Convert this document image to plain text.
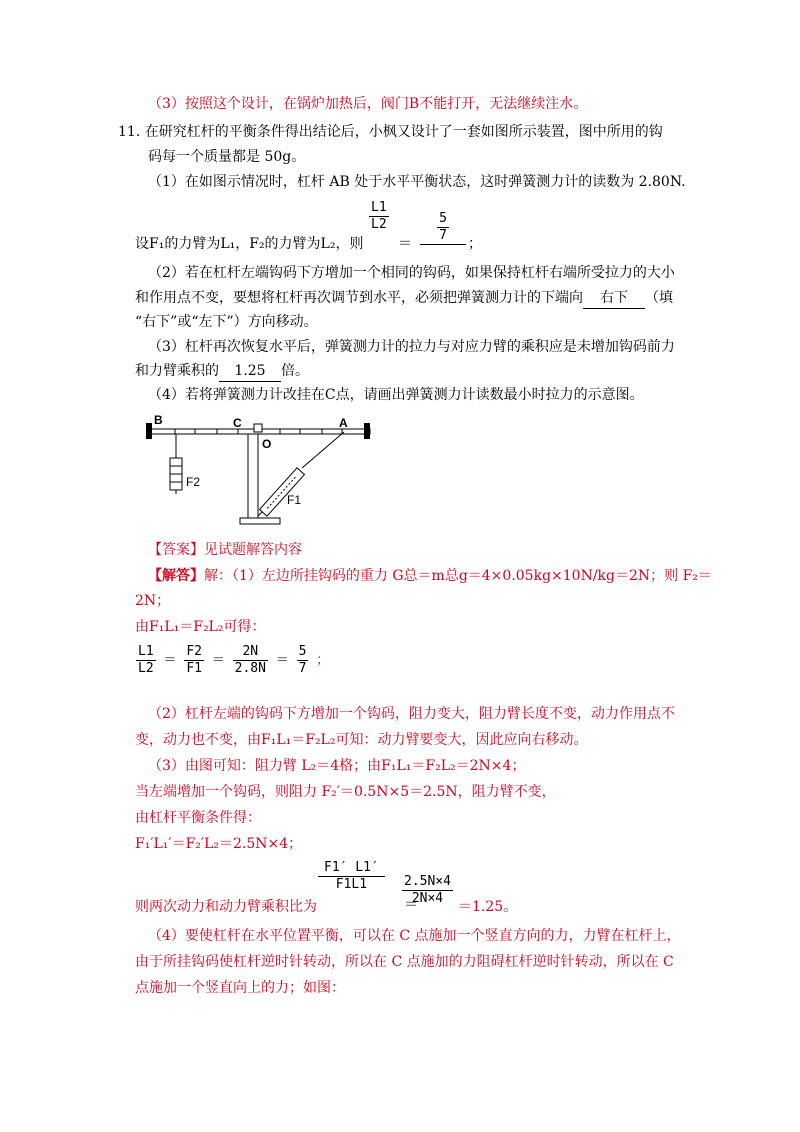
（3）按照这个设计，在锅炉加热后，阀门B不能打开，无法继续注水。
11. 在研究杠杆的平衡条件得出结论后，小枫又设计了一套如图所示装置，图中所用的钩
码每一个质量都是 50g。
（1）在如图示情况时，杠杆 AB 处于水平平衡状态，这时弹簧测力计的读数为 2.80N.
设F₁的力臂为L₁，F₂的力臂为L₂，则
$\frac{L1}{L2}$
＝ $\frac{5}{7}$ ；
（2）若在杠杆左端钩码下方增加一个相同的钩码，如果保持杠杆右端所受拉力的大小
和作用点不变，要想将杠杆再次调节到水平，必须把弹簧测力计的下端向 右下 （填
“右下”或“左下”）方向移动。
（3）杠杆再次恢复水平后，弹簧测力计的拉力与对应力臂的乘积应是未增加钩码前力
和力臂乘积的 1.25 倍。
（4）若将弹簧测力计改挂在C点，请画出弹簧测力计读数最小时拉力的示意图。
B	C	A
O
F2
F1
【答案】见试题解答内容
【解答】解：（1）左边所挂钩码的重力 G总＝m总g＝4×0.05kg×10N/kg＝2N；则 F₂＝
2N；
由F₁L₁＝F₂L₂可得：
$\frac{L1}{L2} = \frac{F2}{F1} = \frac{2N}{2.8N} = \frac{5}{7}$ ；
（2）杠杆左端的钩码下方增加一个钩码，阻力变大，阻力臂长度不变，动力作用点不
变，动力也不变，由F₁L₁＝F₂L₂可知：动力臂要变大，因此应向右移动。
（3）由图可知：阻力臂 L₂＝4格；由F₁L₁＝F₂L₂＝2N×4；
当左端增加一个钩码，则阻力 F₂′＝0.5N×5＝2.5N，阻力臂不变，
由杠杆平衡条件得：
F₁′L₁′＝F₂′L₂＝2.5N×4；
则两次动力和动力臂乘积比为
$\frac{F1' L1'}{F1L1} \frac{2.5N\times 4}{2N\times 4}$
＝	＝1.25。
（4）要使杠杆在水平位置平衡，可以在 C 点施加一个竖直方向的力，力臂在杠杆上，
由于所挂钩码使杠杆逆时针转动，所以在 C 点施加的力阻碍杠杆逆时针转动，所以在 C
点施加一个竖直向上的力；如图：
